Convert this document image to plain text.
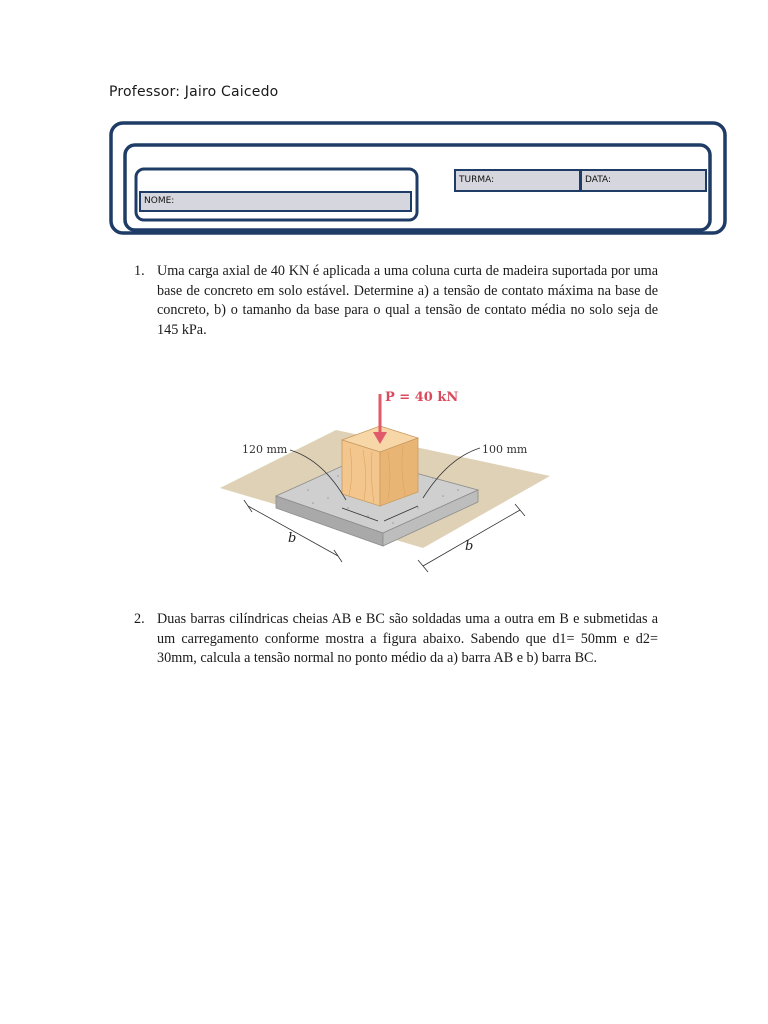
Professor: Jairo Caicedo
TURMA:	DATA:
NOME:
1. Uma carga axial de 40 KN é aplicada a uma coluna curta de madeira suportada por uma base de concreto em solo estável. Determine a) a tensão de contato máxima na base de concreto, b) o tamanho da base para o qual a tensão de contato média no solo seja de 145 kPa.
P = 40 kN
120 mm	100 mm
b
b
2. Duas barras cilíndricas cheias AB e BC são soldadas uma a outra em B e submetidas a um carregamento conforme mostra a figura abaixo. Sabendo que d1= 50mm e d2= 30mm, calcula a tensão normal no ponto médio da a) barra AB e b) barra BC.
